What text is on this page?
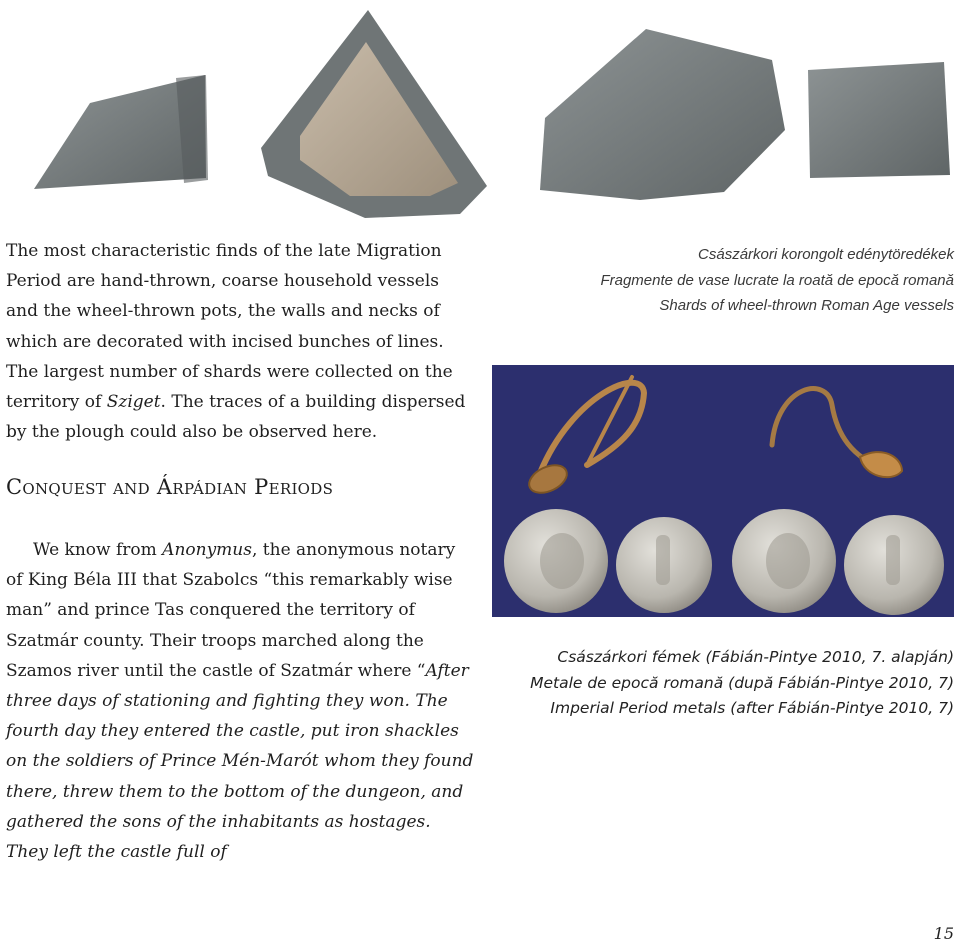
The most characteristic finds of the late Migration Period are hand-thrown, coarse household vessels and the wheel-thrown pots, the walls and necks of which are decorated with incised bunches of lines. The largest number of shards were collected on the territory of Sziget. The traces of a building dispersed by the plough could also be observed here.

Császárkori korongolt edénytöredékek
Fragmente de vase lucrate la roată de epocă romană
Shards of wheel-thrown Roman Age vessels
Conquest and Árpádian Periods

We know from Anonymus, the anonymous notary of King Béla III that Szabolcs “this remarkably wise man” and prince Tas conquered the territory of Szatmár county. Their troops marched along the Szamos river until the castle of Szatmár where “After three days of stationing and fighting they won. The fourth day they entered the castle, put iron shackles on the soldiers of Prince Mén-Marót whom they found there, threw them to the bottom of the dungeon, and gathered the sons of the inhabitants as hostages. They left the castle full of

Császárkori fémek (Fábián-Pintye 2010, 7. alapján)
Metale de epocă romană (după Fábián-Pintye 2010, 7)
Imperial Period metals (after Fábián-Pintye 2010, 7)
15
